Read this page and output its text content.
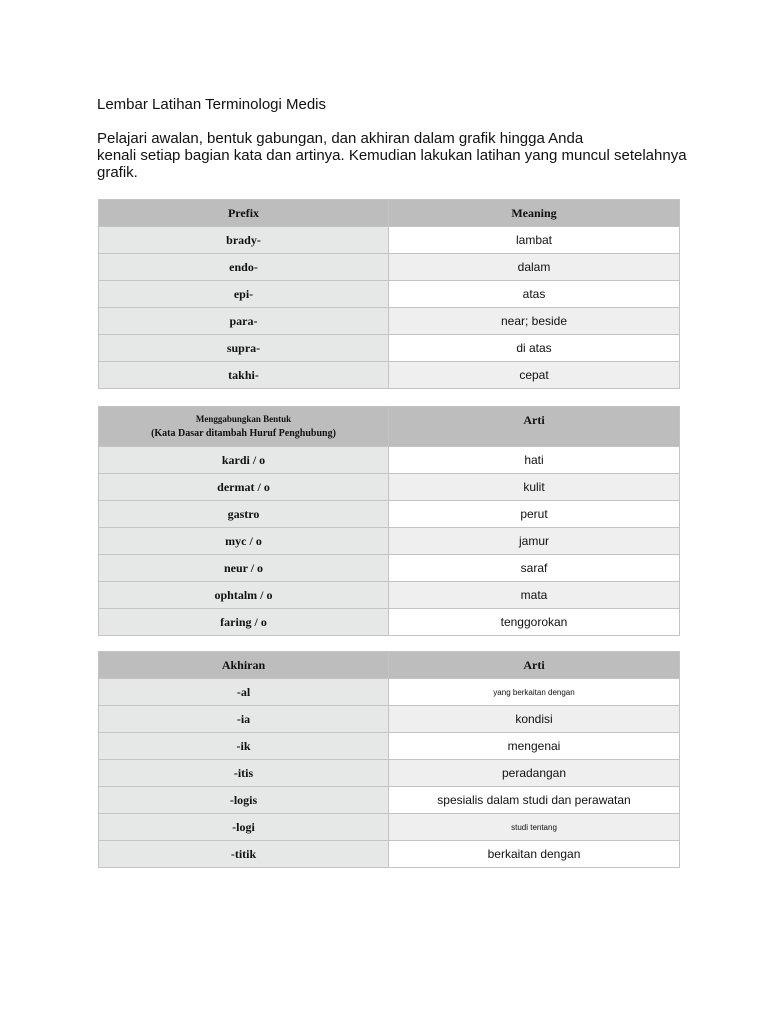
Lembar Latihan Terminologi Medis
Pelajari awalan, bentuk gabungan, dan akhiran dalam grafik hingga Anda
kenali setiap bagian kata dan artinya. Kemudian lakukan latihan yang muncul setelahnya
grafik.
Prefix	Meaning
brady-	lambat
endo-	dalam
epi-	atas
para-	near; beside
supra-	di atas
takhi-	cepat
Menggabungkan Bentuk
(Kata Dasar ditambah Huruf Penghubung)	Arti
kardi / o	hati
dermat / o	kulit
gastro	perut
myc / o	jamur
neur / o	saraf
ophtalm / o	mata
faring / o	tenggorokan
Akhiran	Arti
-al	yang berkaitan dengan
-ia	kondisi
-ik	mengenai
-itis	peradangan
-logis	spesialis dalam studi dan perawatan
-logi	studi tentang
-titik	berkaitan dengan
